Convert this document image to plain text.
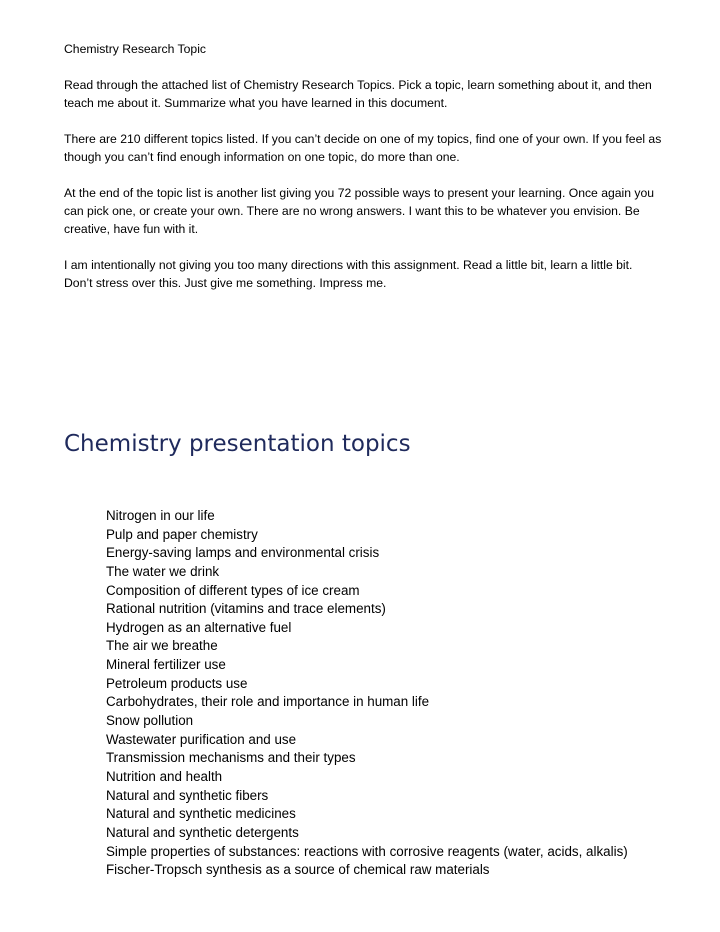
Chemistry Research Topic

Read through the attached list of Chemistry Research Topics. Pick a topic, learn something about it, and then teach me about it. Summarize what you have learned in this document.

There are 210 different topics listed. If you can’t decide on one of my topics, find one of your own. If you feel as though you can’t find enough information on one topic, do more than one.

At the end of the topic list is another list giving you 72 possible ways to present your learning. Once again you can pick one, or create your own. There are no wrong answers. I want this to be whatever you envision. Be creative, have fun with it.

I am intentionally not giving you too many directions with this assignment. Read a little bit, learn a little bit. Don’t stress over this. Just give me something. Impress me.

Chemistry presentation topics
Nitrogen in our life
Pulp and paper chemistry
Energy-saving lamps and environmental crisis
The water we drink
Composition of different types of ice cream
Rational nutrition (vitamins and trace elements)
Hydrogen as an alternative fuel
The air we breathe
Mineral fertilizer use
Petroleum products use
Carbohydrates, their role and importance in human life
Snow pollution
Wastewater purification and use
Transmission mechanisms and their types
Nutrition and health
Natural and synthetic fibers
Natural and synthetic medicines
Natural and synthetic detergents
Simple properties of substances: reactions with corrosive reagents (water, acids, alkalis)
Fischer-Tropsch synthesis as a source of chemical raw materials
